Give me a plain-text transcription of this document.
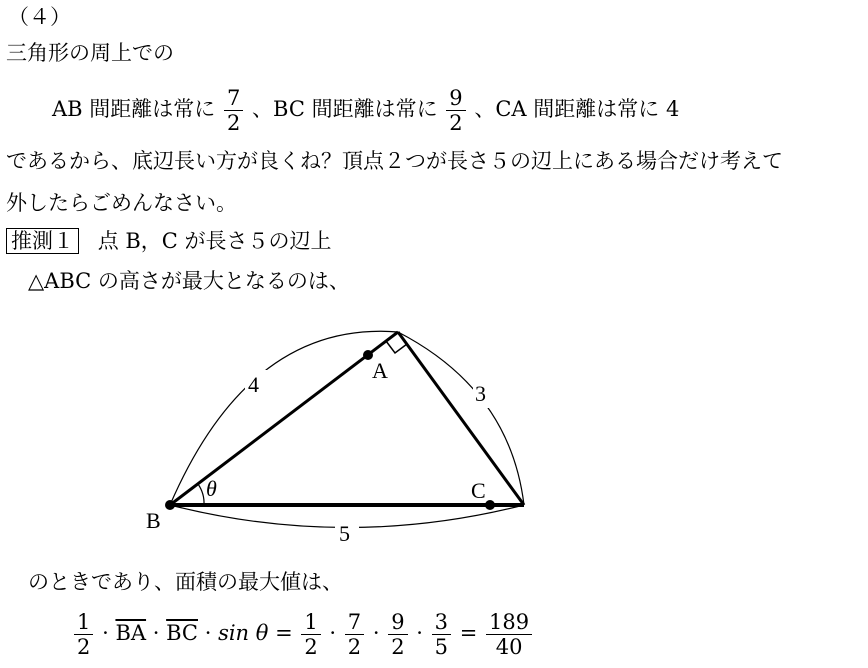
（４）
三角形の周上での
AB 間距離は常に $\frac{7}{2}$ 、BC 間距離は常に $\frac{9}{2}$ 、CA 間距離は常に 4
であるから、底辺長い方が良くね？頂点２つが長さ５の辺上にある場合だけ考えて
外したらごめんなさい。
推測１ 点 B，C が長さ５の辺上
△ABC の高さが最大となるのは、
A
B
C
θ
4	3
5
のときであり、面積の最大値は、
$\frac{1}{2} \cdot \overline{BA} \cdot \overline{BC} \cdot \sin \theta = \frac{1}{2} \cdot \frac{7}{2} \cdot \frac{9}{2} \cdot \frac{3}{5} = \frac{189}{40}$
